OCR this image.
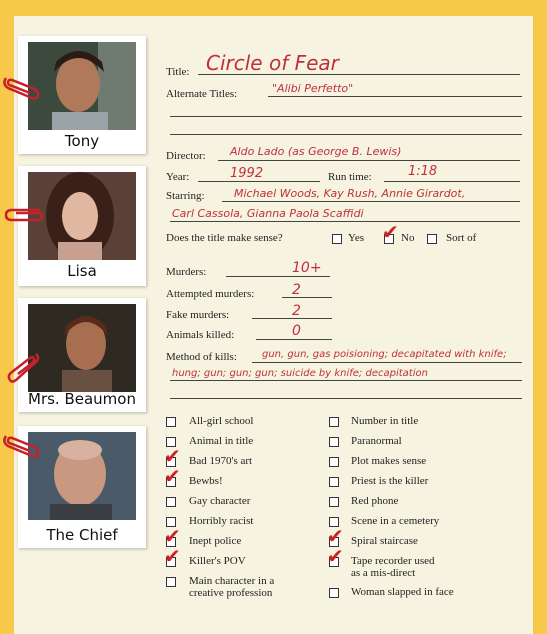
Tony
Lisa
Mrs. Beaumon
The Chief
Title: Circle of Fear
Alternate Titles:	"Alibi Perfetto"
Director: Aldo Lado (as George B. Lewis)
Year:	1992	Run time:	1:18
Starring:	Michael Woods, Kay Rush, Annie Girardot,
Carl Cassola, Gianna Paola Scaffidi
Does the title make sense?	Yes ✔ No	Sort of
Murders:	10+
Attempted murders:	2
Fake murders:	2
Animals killed:	0
Method of kills:	gun, gun, gas poisioning; decapitated with knife;
hung; gun; gun; gun; suicide by knife; decapitation
All-girl school
Animal in title
✔ Bad 1970's art
✔ Bewbs!
Gay character
Horribly racist
✔ Inept police
✔ Killer's POV
Main character in a
creative profession
Number in title
Paranormal
Plot makes sense
Priest is the killer
Red phone
Scene in a cemetery
✔ Spiral staircase
✔ Tape recorder used
as a mis-direct
Woman slapped in face
